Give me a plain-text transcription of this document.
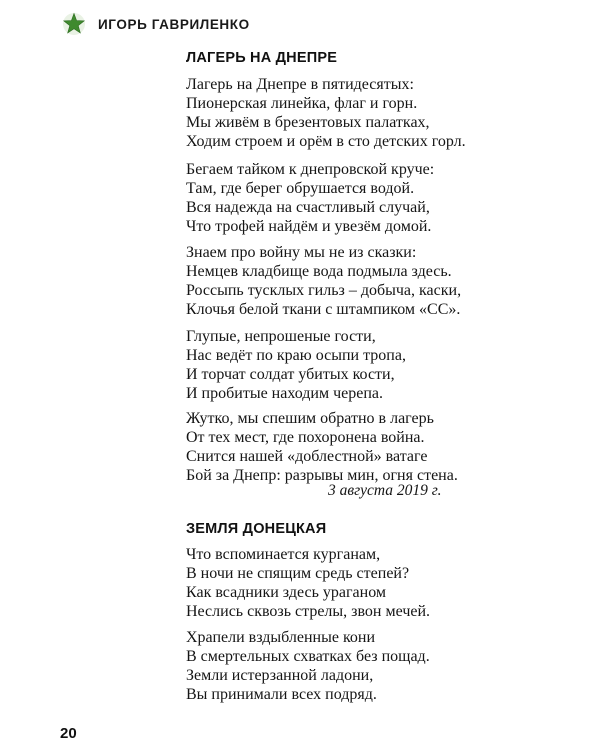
ИГОРЬ ГАВРИЛЕНКО
ЛАГЕРЬ НА ДНЕПРЕ

Лагерь на Днепре в пятидесятых:
Пионерская линейка, флаг и горн.
Мы живём в брезентовых палатках,
Ходим строем и орём в сто детских горл.

Бегаем тайком к днепровской круче:
Там, где берег обрушается водой.
Вся надежда на счастливый случай,
Что трофей найдём и увезём домой.

Знаем про войну мы не из сказки:
Немцев кладбище вода подмыла здесь.
Россыпь тусклых гильз – добыча, каски,
Клочья белой ткани с штампиком «СС».

Глупые, непрошеные гости,
Нас ведёт по краю осыпи тропа,
И торчат солдат убитых кости,
И пробитые находим черепа.

Жутко, мы спешим обратно в лагерь
От тех мест, где похоронена война.
Снится нашей «доблестной» ватаге
Бой за Днепр: разрывы мин, огня стена.

3 августа 2019 г.
ЗЕМЛЯ ДОНЕЦКАЯ

Что вспоминается курганам,
В ночи не спящим средь степей?
Как всадники здесь ураганом
Неслись сквозь стрелы, звон мечей.

Храпели вздыбленные кони
В смертельных схватках без пощад.
Земли истерзанной ладони,
Вы принимали всех подряд.

20
